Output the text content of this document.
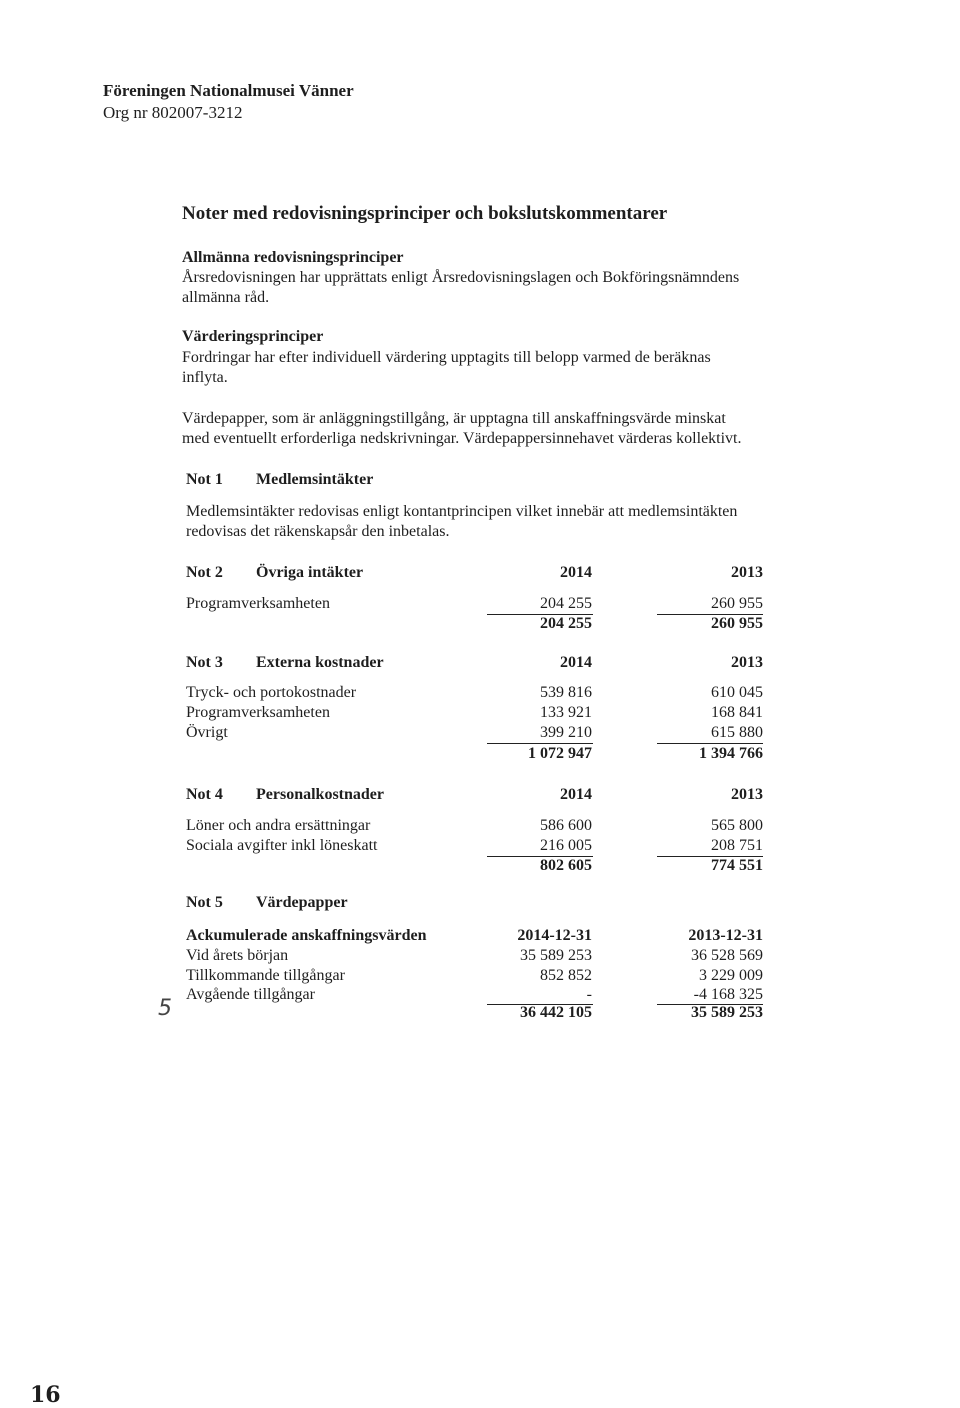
Föreningen Nationalmusei Vänner
Org nr 802007-3212
Noter med redovisningsprinciper och bokslutskommentarer
Allmänna redovisningsprinciper
Årsredovisningen har upprättats enligt Årsredovisningslagen och Bokföringsnämndens
allmänna råd.
Värderingsprinciper
Fordringar har efter individuell värdering upptagits till belopp varmed de beräknas
inflyta.
Värdepapper, som är anläggningstillgång, är upptagna till anskaffningsvärde minskat
med eventuellt erforderliga nedskrivningar. Värdepappersinnehavet värderas kollektivt.
Not 1 Medlemsintäkter
Medlemsintäkter redovisas enligt kontantprincipen vilket innebär att medlemsintäkten
redovisas det räkenskapsår den inbetalas.
Not 2 Övriga intäkter	2014	2013
Programverksamheten	204 255	260 955
204 255	260 955
Not 3 Externa kostnader	2014	2013
Tryck- och portokostnader	539 816	610 045
Programverksamheten	133 921	168 841
Övrigt	399 210	615 880
1 072 947	1 394 766
Not 4 Personalkostnader	2014	2013
Löner och andra ersättningar	586 600	565 800
Sociala avgifter inkl löneskatt	216 005	208 751
802 605	774 551
Not 5 Värdepapper
Ackumulerade anskaffningsvärden	2014-12-31	2013-12-31
Vid årets början	35 589 253	36 528 569
Tillkommande tillgångar	852 852	3 229 009
Avgående tillgångar	-	-4 168 325
36 442 105	35 589 253
5
16
